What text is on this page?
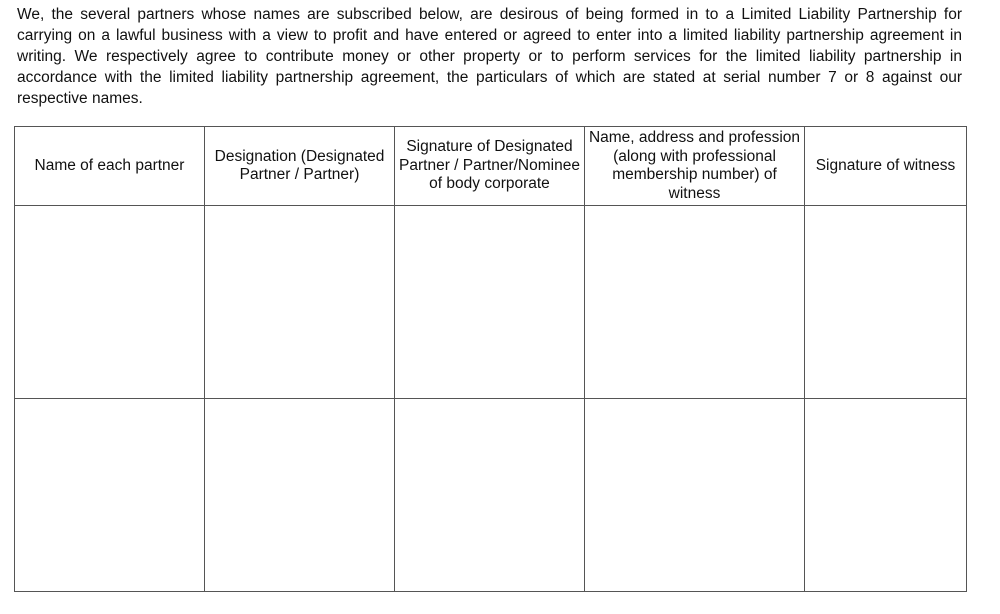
We, the several partners whose names are subscribed below, are desirous of being formed in to a Limited Liability Partnership for carrying on a lawful business with a view to profit and have entered or agreed to enter into a limited liability partnership agreement in writing. We respectively agree to contribute money or other property or to perform services for the limited liability partnership in accordance with the limited liability partnership agreement, the particulars of which are stated at serial number 7 or 8 against our respective names.

Name of each partner	Designation (Designated Partner / Partner)	Signature of Designated Partner / Partner/Nominee of body corporate	Name, address and profession (along with professional membership number) of witness	Signature of witness
